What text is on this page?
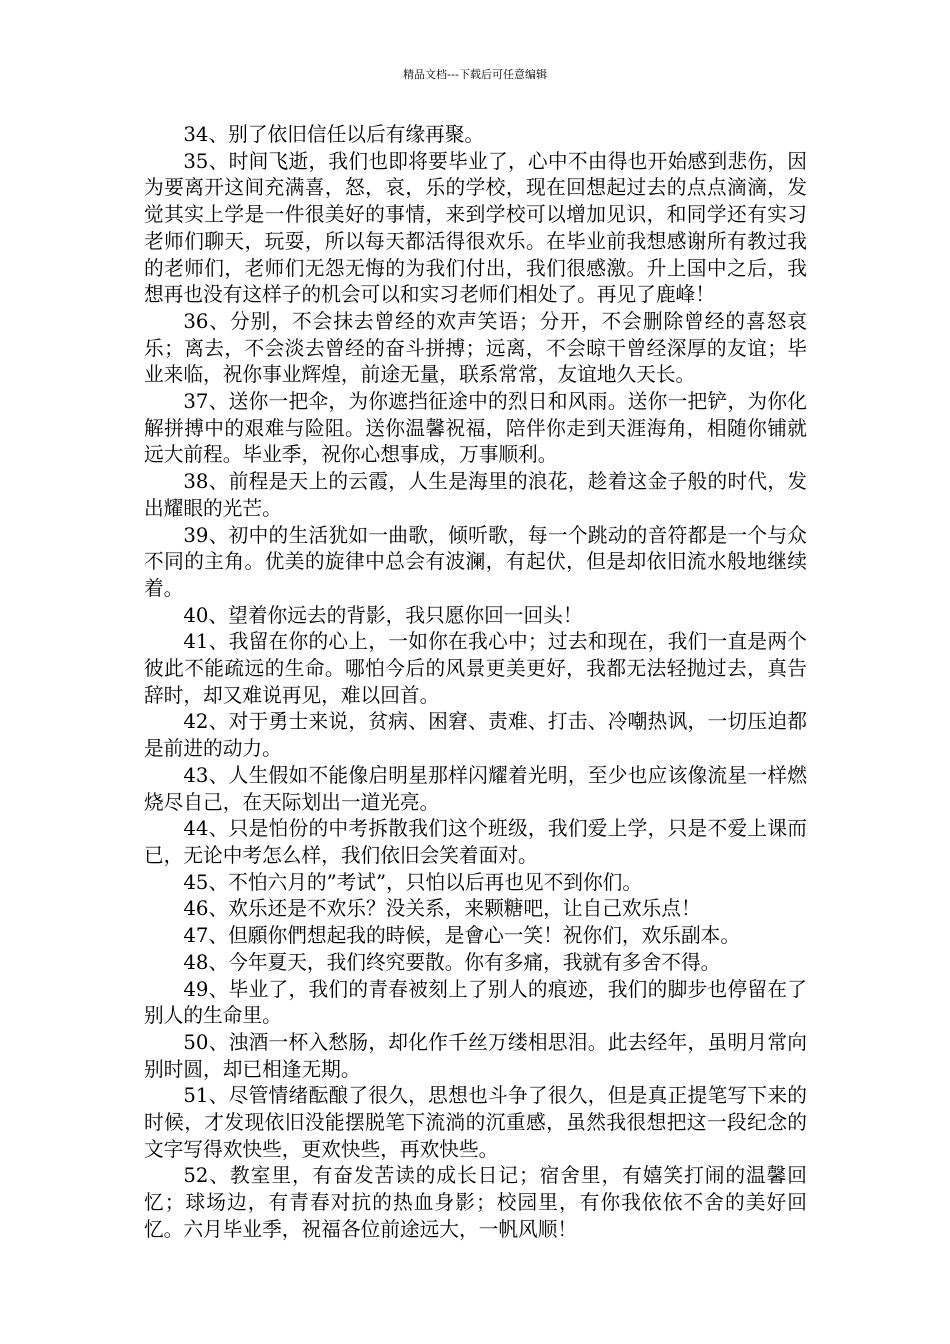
精品文档---下载后可任意编辑

34、别了依旧信任以后有缘再聚。

35、时间飞逝，我们也即将要毕业了，心中不由得也开始感到悲伤，因为要离开这间充满喜，怒，哀，乐的学校，现在回想起过去的点点滴滴，发觉其实上学是一件很美好的事情，来到学校可以增加见识，和同学还有实习老师们聊天，玩耍，所以每天都活得很欢乐。在毕业前我想感谢所有教过我的老师们，老师们无怨无悔的为我们付出，我们很感激。升上国中之后，我想再也没有这样子的机会可以和实习老师们相处了。再见了鹿峰！

36、分别，不会抹去曾经的欢声笑语；分开，不会删除曾经的喜怒哀乐；离去，不会淡去曾经的奋斗拼搏；远离，不会晾干曾经深厚的友谊；毕业来临，祝你事业辉煌，前途无量，联系常常，友谊地久天长。

37、送你一把伞，为你遮挡征途中的烈日和风雨。送你一把铲，为你化解拼搏中的艰难与险阻。送你温馨祝福，陪伴你走到天涯海角，相随你铺就远大前程。毕业季，祝你心想事成，万事顺利。

38、前程是天上的云霞，人生是海里的浪花，趁着这金子般的时代，发出耀眼的光芒。

39、初中的生活犹如一曲歌，倾听歌，每一个跳动的音符都是一个与众不同的主角。优美的旋律中总会有波澜，有起伏，但是却依旧流水般地继续着。

40、望着你远去的背影，我只愿你回一回头！

41、我留在你的心上，一如你在我心中；过去和现在，我们一直是两个彼此不能疏远的生命。哪怕今后的风景更美更好，我都无法轻抛过去，真告辞时，却又难说再见，难以回首。

42、对于勇士来说，贫病、困窘、责难、打击、冷嘲热讽，一切压迫都是前进的动力。

43、人生假如不能像启明星那样闪耀着光明，至少也应该像流星一样燃烧尽自己，在天际划出一道光亮。

44、只是怕份的中考拆散我们这个班级，我们爱上学，只是不爱上课而已，无论中考怎么样，我们依旧会笑着面对。

45、不怕六月的”考试”，只怕以后再也见不到你们。

46、欢乐还是不欢乐？没关系，来颗糖吧，让自己欢乐点！

47、但願你們想起我的時候，是會心一笑！祝你们，欢乐副本。

48、今年夏天，我们终究要散。你有多痛，我就有多舍不得。

49、毕业了，我们的青春被刻上了别人的痕迹，我们的脚步也停留在了别人的生命里。

50、浊酒一杯入愁肠，却化作千丝万缕相思泪。此去经年，虽明月常向别时圆，却已相逢无期。

51、尽管情绪酝酿了很久，思想也斗争了很久，但是真正提笔写下来的时候，才发现依旧没能摆脱笔下流淌的沉重感，虽然我很想把这一段纪念的文字写得欢快些，更欢快些，再欢快些。

52、教室里，有奋发苦读的成长日记；宿舍里，有嬉笑打闹的温馨回忆；球场边，有青春对抗的热血身影；校园里，有你我依依不舍的美好回忆。六月毕业季，祝福各位前途远大，一帆风顺！
